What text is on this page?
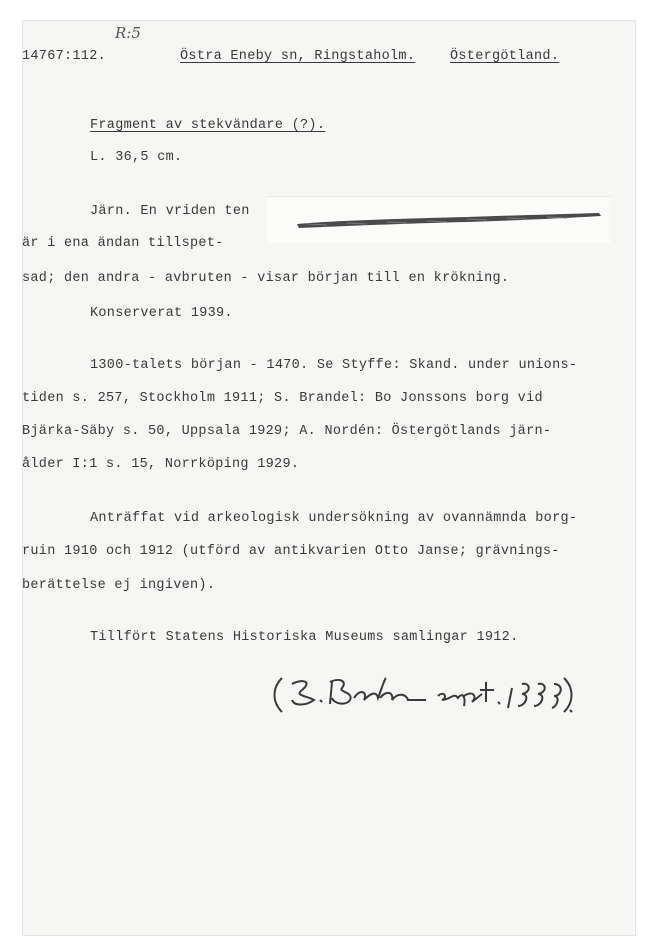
R:5
14767:112.	Östra Eneby sn, Ringstaholm.	Östergötland.
Fragment av stekvändare (?).
L. 36,5 cm.
Järn. En vriden ten
är i ena ändan tillspet-
sad; den andra - avbruten - visar början till en krökning.
Konserverat 1939.
1300-talets början - 1470. Se Styffe: Skand. under unions-
tiden s. 257, Stockholm 1911; S. Brandel: Bo Jonssons borg vid
Bjärka-Säby s. 50, Uppsala 1929; A. Nordén: Östergötlands järn-
ålder I:1 s. 15, Norrköping 1929.
Anträffat vid arkeologisk undersökning av ovannämnda borg-
ruin 1910 och 1912 (utförd av antikvarien Otto Janse; grävnings-
berättelse ej ingiven).
Tillfört Statens Historiska Museums samlingar 1912.
